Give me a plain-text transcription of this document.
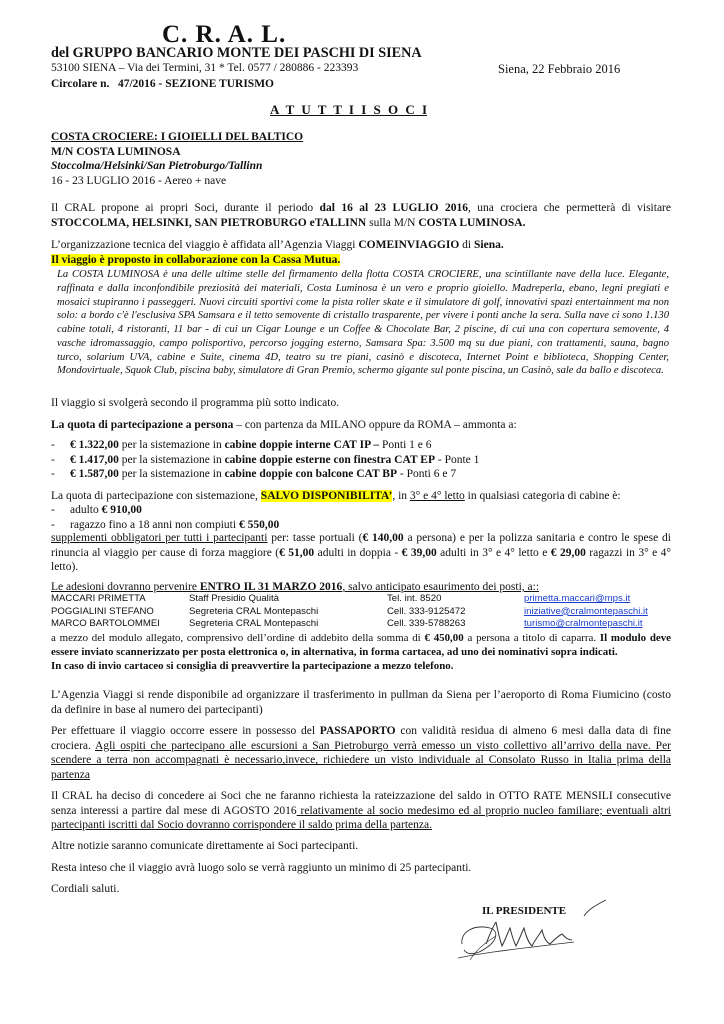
C. R. A. L.
del GRUPPO BANCARIO MONTE DEI PASCHI DI SIENA
53100 SIENA – Via dei Termini, 31 * Tel. 0577 / 280886 - 223393	Siena, 22 Febbraio 2016
Circolare n. 47/2016 - SEZIONE TURISMO
A T U T T I I S O C I
COSTA CROCIERE: I GIOIELLI DEL BALTICO
M/N COSTA LUMINOSA
Stoccolma/Helsinki/San Pietroburgo/Tallinn
16 - 23 LUGLIO 2016 - Aereo + nave

Il CRAL propone ai propri Soci, durante il periodo dal 16 al 23 LUGLIO 2016, una crociera che permetterà di visitare STOCCOLMA, HELSINKI, SAN PIETROBURGO eTALLINN sulla M/N COSTA LUMINOSA.

L’organizzazione tecnica del viaggio è affidata all’Agenzia Viaggi COMEINVIAGGIO di Siena.
Il viaggio è proposto in collaborazione con la Cassa Mutua.

La COSTA LUMINOSA è una delle ultime stelle del firmamento della flotta COSTA CROCIERE, una scintillante nave della luce. Elegante, raffinata e dalla inconfondibile preziosità dei materiali, Costa Luminosa è un vero e proprio gioiello. Madreperla, ebano, legni pregiati e mosaici stupiranno i passeggeri. Nuovi circuiti sportivi come la pista roller skate e il simulatore di golf, innovativi spazi entertainment ma non solo: a bordo c'è l'esclusiva SPA Samsara e il tetto semovente di cristallo trasparente, per vivere i ponti anche la sera. Sulla nave ci sono 1.130 cabine totali, 4 ristoranti, 11 bar - di cui un Cigar Lounge e un Coffee & Chocolate Bar, 2 piscine, di cui una con copertura semovente, 4 vasche idromassaggio, campo polisportivo, percorso jogging esterno, Samsara Spa: 3.500 mq su due piani, con trattamenti, sauna, bagno turco, solarium UVA, cabine e Suite, cinema 4D, teatro su tre piani, casinò e discoteca, Internet Point e biblioteca, Shopping Center, Mondovirtuale, Squok Club, piscina baby, simulatore di Gran Premio, schermo gigante sul ponte piscina, un Casinò, sale da ballo e discoteca.

Il viaggio si svolgerà secondo il programma più sotto indicato.

La quota di partecipazione a persona – con partenza da MILANO oppure da ROMA – ammonta a:

-	€ 1.322,00 per la sistemazione in cabine doppie interne CAT IP – Ponti 1 e 6
-	€ 1.417,00 per la sistemazione in cabine doppie esterne con finestra CAT EP - Ponte 1
-	€ 1.587,00 per la sistemazione in cabine doppie con balcone CAT BP - Ponti 6 e 7

La quota di partecipazione con sistemazione, SALVO DISPONIBILITA’, in 3° e 4° letto in qualsiasi categoria di cabine è:

-	adulto € 910,00
-	ragazzo fino a 18 anni non compiuti € 550,00

supplementi obbligatori per tutti i partecipanti per: tasse portuali (€ 140,00 a persona) e per la polizza sanitaria e contro le spese di rinuncia al viaggio per cause di forza maggiore (€ 51,00 adulti in doppia - € 39,00 adulti in 3° e 4° letto e € 29,00 ragazzi in 3° e 4° letto).

Le adesioni dovranno pervenire ENTRO IL 31 MARZO 2016, salvo anticipato esaurimento dei posti, a::

MACCARI PRIMETTA	Staff Presidio Qualità	Tel. int. 8520	primetta.maccari@mps.it
POGGIALINI STEFANO	Segreteria CRAL Montepaschi	Cell. 333-9125472	iniziative@cralmontepaschi.it
MARCO BARTOLOMMEI	Segreteria CRAL Montepaschi	Cell. 339-5788263	turismo@cralmontepaschi.it

a mezzo del modulo allegato, comprensivo dell’ordine di addebito della somma di € 450,00 a persona a titolo di caparra. Il modulo deve essere inviato scannerizzato per posta elettronica o, in alternativa, in forma cartacea, ad uno dei nominativi sopra indicati.
In caso di invio cartaceo si consiglia di preavvertire la partecipazione a mezzo telefono.

L’Agenzia Viaggi si rende disponibile ad organizzare il trasferimento in pullman da Siena per l’aeroporto di Roma Fiumicino (costo da definire in base al numero dei partecipanti)

Per effettuare il viaggio occorre essere in possesso del PASSAPORTO con validità residua di almeno 6 mesi dalla data di fine crociera. Agli ospiti che partecipano alle escursioni a San Pietroburgo verrà emesso un visto collettivo all’arrivo della nave. Per scendere a terra non accompagnati è necessario,invece, richiedere un visto individuale al Consolato Russo in Italia prima della partenza

Il CRAL ha deciso di concedere ai Soci che ne faranno richiesta la rateizzazione del saldo in OTTO RATE MENSILI consecutive senza interessi a partire dal mese di AGOSTO 2016 relativamente al socio medesimo ed al proprio nucleo familiare; eventuali altri partecipanti iscritti dal Socio dovranno corrispondere il saldo prima della partenza.

Altre notizie saranno comunicate direttamente ai Soci partecipanti.

Resta inteso che il viaggio avrà luogo solo se verrà raggiunto un minimo di 25 partecipanti.

Cordiali saluti.

IL PRESIDENTE
